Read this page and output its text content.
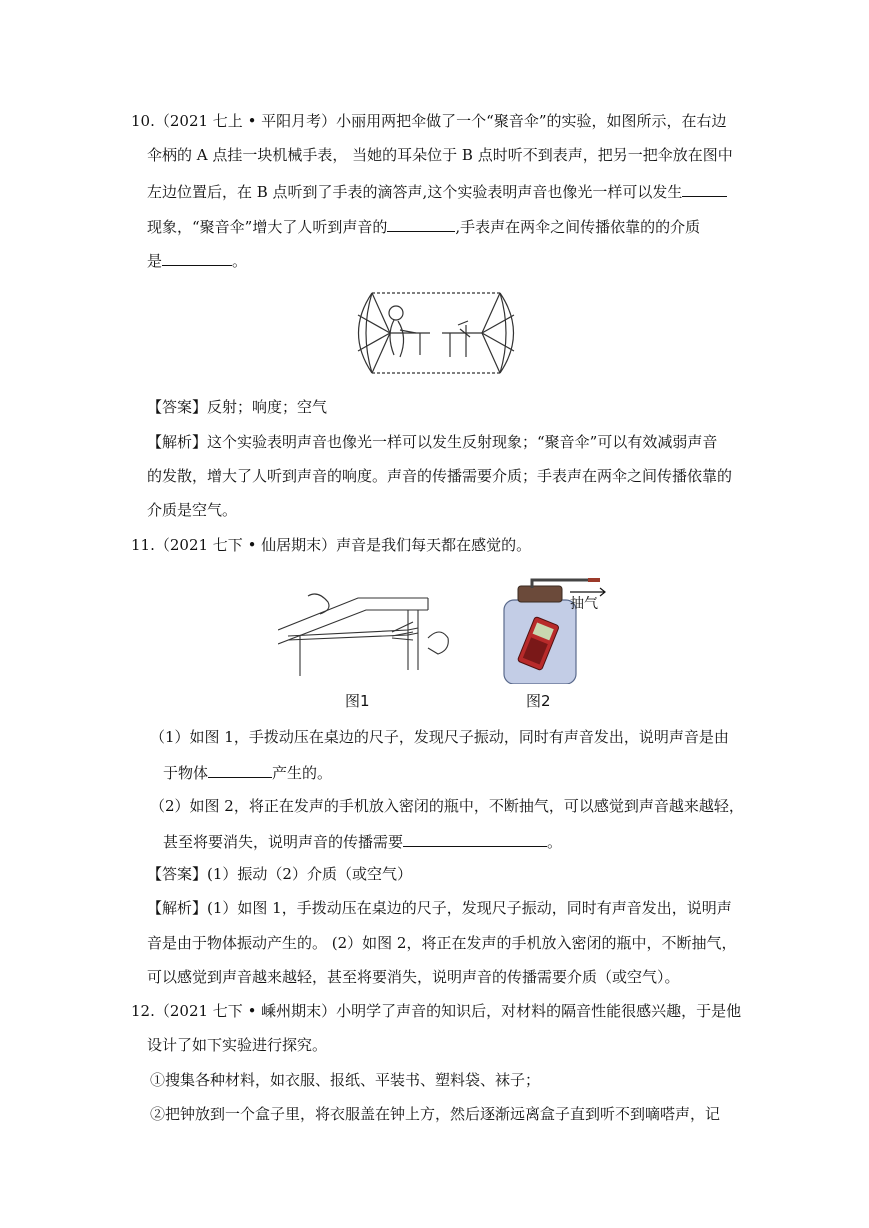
10.（2021 七上 • 平阳月考）小丽用两把伞做了一个“聚音伞”的实验，如图所示，在右边
伞柄的 A 点挂一块机械手表， 当她的耳朵位于 B 点时听不到表声，把另一把伞放在图中
左边位置后，在 B 点听到了手表的滴答声,这个实验表明声音也像光一样可以发生
现象，“聚音伞”增大了人听到声音的	,手表声在两伞之间传播依靠的的介质
是	。
【答案】反射；响度；空气
【解析】这个实验表明声音也像光一样可以发生反射现象；“聚音伞”可以有效减弱声音
的发散，增大了人听到声音的响度。声音的传播需要介质；手表声在两伞之间传播依靠的
介质是空气。
11.（2021 七下 • 仙居期末）声音是我们每天都在感觉的。
图1
抽气
图2
（1）如图 1，手拨动压在桌边的尺子，发现尺子振动，同时有声音发出，说明声音是由
于物体	产生的。
（2）如图 2，将正在发声的手机放入密闭的瓶中，不断抽气，可以感觉到声音越来越轻，
甚至将要消失，说明声音的传播需要	。
【答案】(1）振动（2）介质（或空气）
【解析】(1）如图 1，手拨动压在桌边的尺子，发现尺子振动，同时有声音发出，说明声
音是由于物体振动产生的。 (2）如图 2，将正在发声的手机放入密闭的瓶中，不断抽气，
可以感觉到声音越来越轻，甚至将要消失，说明声音的传播需要介质（或空气）。
12.（2021 七下 • 嵊州期末）小明学了声音的知识后，对材料的隔音性能很感兴趣，于是他
设计了如下实验进行探究。
①搜集各种材料，如衣服、报纸、平装书、塑料袋、袜子；
②把钟放到一个盒子里，将衣服盖在钟上方，然后逐渐远离盒子直到听不到嘀嗒声，记
